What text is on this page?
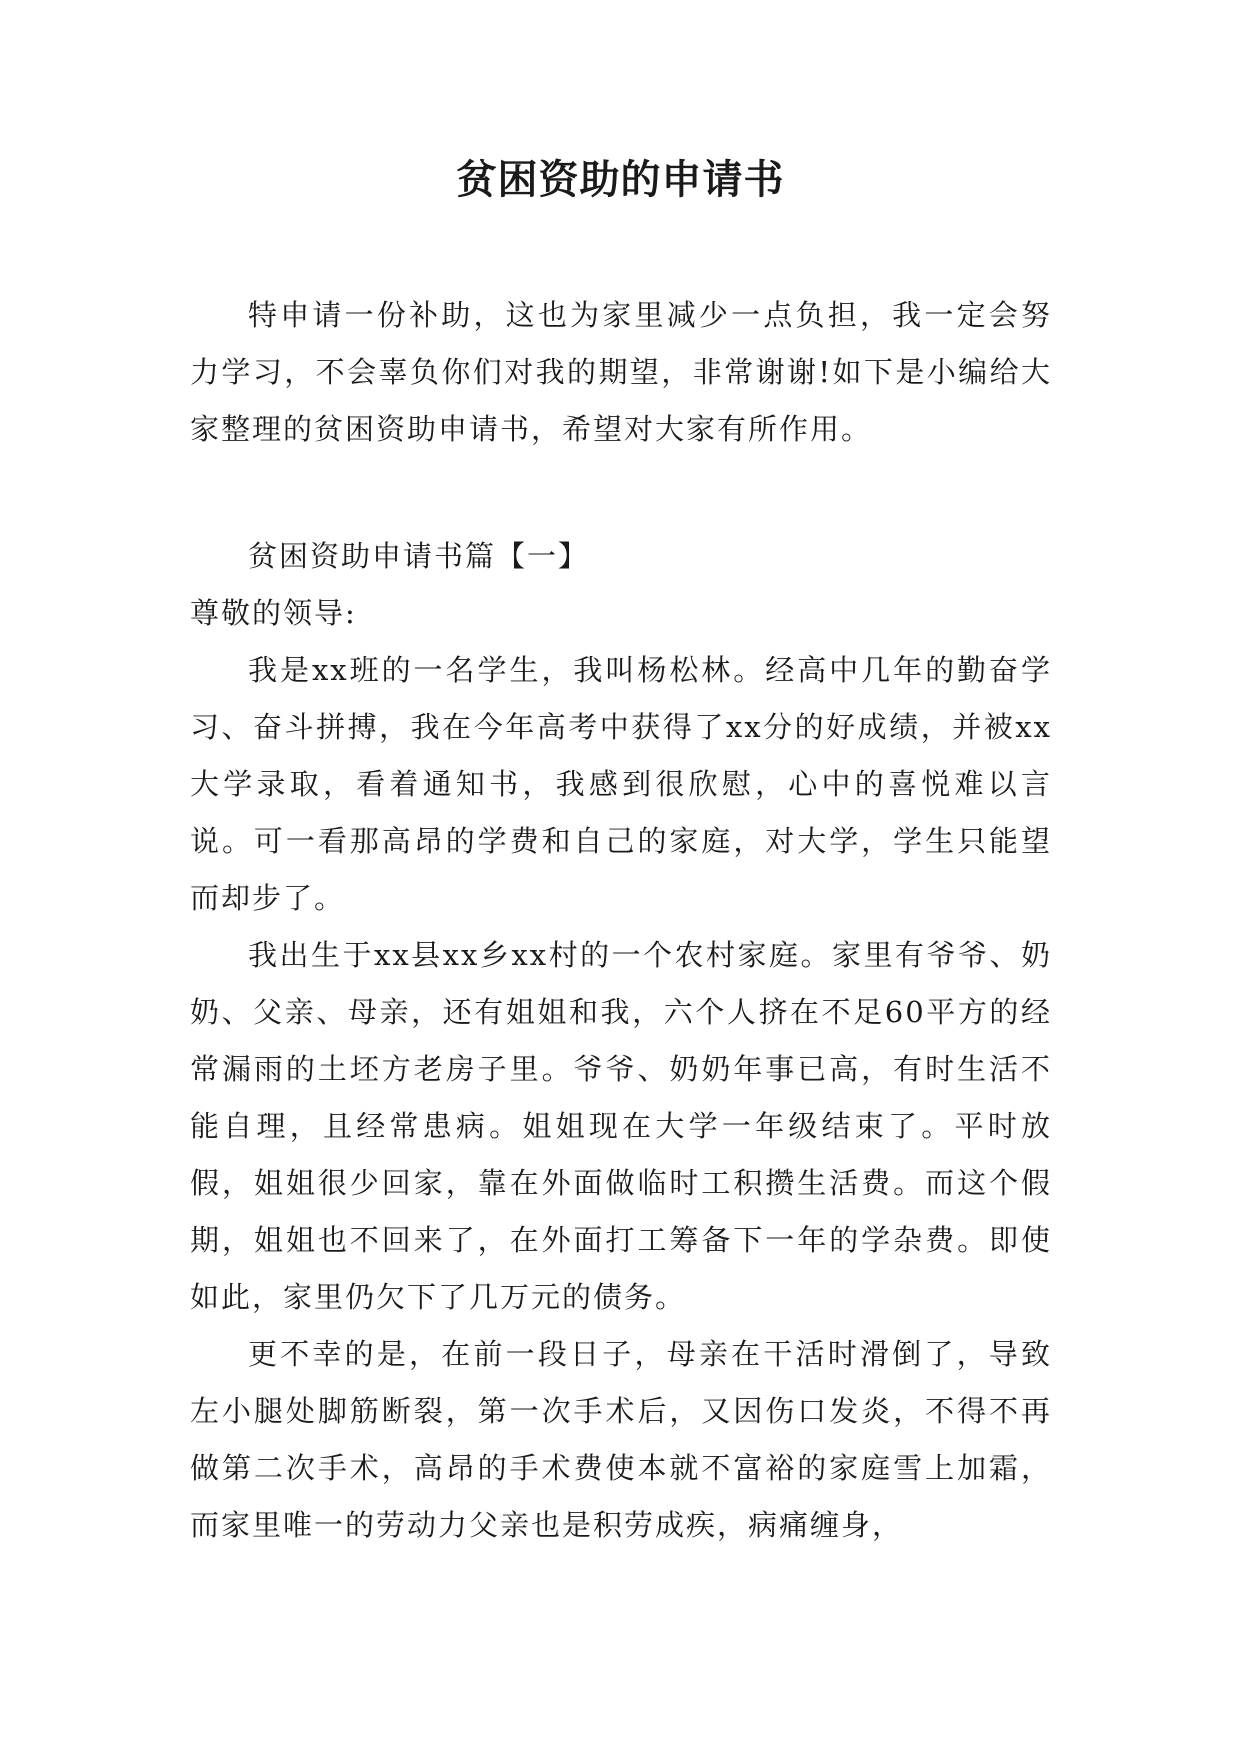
贫困资助的申请书

特申请一份补助，这也为家里减少一点负担，我一定会努力学习，不会辜负你们对我的期望，非常谢谢!如下是小编给大家整理的贫困资助申请书，希望对大家有所作用。

贫困资助申请书篇【一】

尊敬的领导:

我是xx班的一名学生，我叫杨松林。经高中几年的勤奋学习、奋斗拼搏，我在今年高考中获得了xx分的好成绩，并被xx大学录取，看着通知书，我感到很欣慰，心中的喜悦难以言说。可一看那高昂的学费和自己的家庭，对大学，学生只能望而却步了。

我出生于xx县xx乡xx村的一个农村家庭。家里有爷爷、奶奶、父亲、母亲，还有姐姐和我，六个人挤在不足60平方的经常漏雨的土坯方老房子里。爷爷、奶奶年事已高，有时生活不能自理，且经常患病。姐姐现在大学一年级结束了。平时放假，姐姐很少回家，靠在外面做临时工积攒生活费。而这个假期，姐姐也不回来了，在外面打工筹备下一年的学杂费。即使如此，家里仍欠下了几万元的债务。

更不幸的是，在前一段日子，母亲在干活时滑倒了，导致左小腿处脚筋断裂，第一次手术后，又因伤口发炎，不得不再做第二次手术，高昂的手术费使本就不富裕的家庭雪上加霜，而家里唯一的劳动力父亲也是积劳成疾，病痛缠身，
